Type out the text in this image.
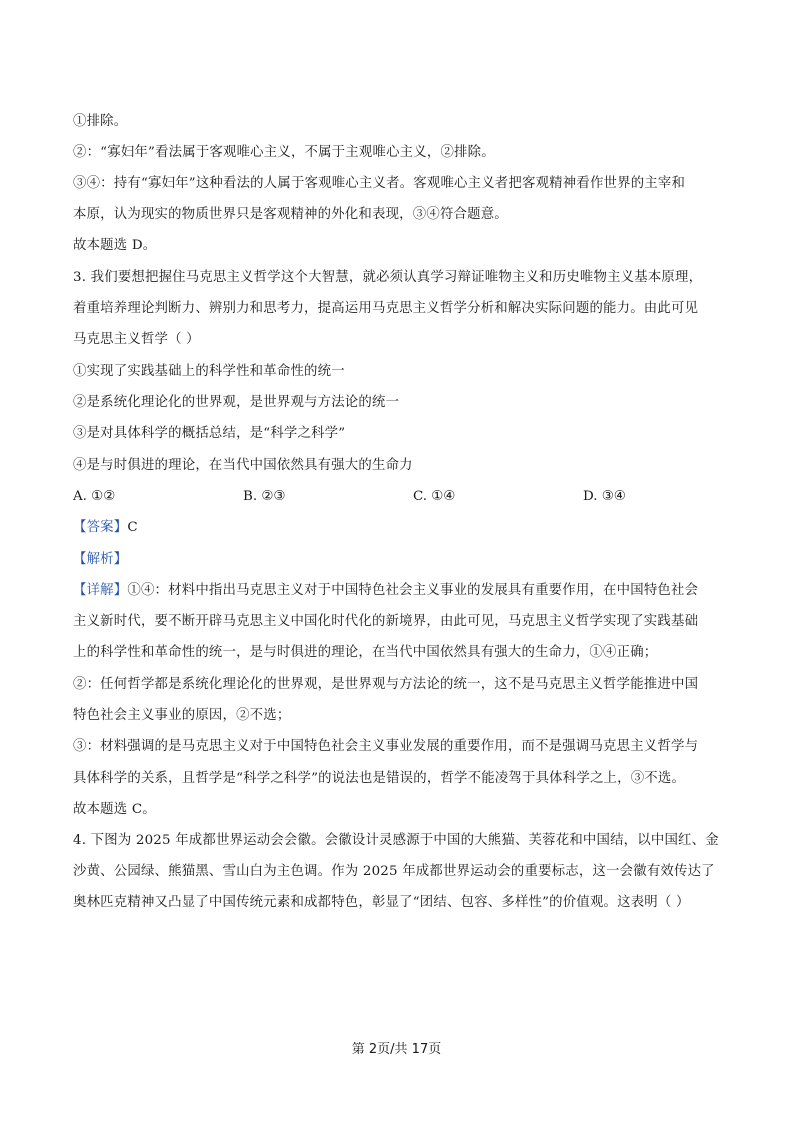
①排除。
②：“寡妇年”看法属于客观唯心主义，不属于主观唯心主义，②排除。
③④：持有“寡妇年”这种看法的人属于客观唯心主义者。客观唯心主义者把客观精神看作世界的主宰和
本原，认为现实的物质世界只是客观精神的外化和表现，③④符合题意。
故本题选 D。
3. 我们要想把握住马克思主义哲学这个大智慧，就必须认真学习辩证唯物主义和历史唯物主义基本原理，
着重培养理论判断力、辨别力和思考力，提高运用马克思主义哲学分析和解决实际问题的能力。由此可见
马克思主义哲学（ ）
①实现了实践基础上的科学性和革命性的统一
②是系统化理论化的世界观，是世界观与方法论的统一
③是对具体科学的概括总结，是“科学之科学”
④是与时俱进的理论，在当代中国依然具有强大的生命力
A. ①②	B. ②③	C. ①④	D. ③④
【答案】C
【解析】
【详解】①④：材料中指出马克思主义对于中国特色社会主义事业的发展具有重要作用，在中国特色社会
主义新时代，要不断开辟马克思主义中国化时代化的新境界，由此可见，马克思主义哲学实现了实践基础
上的科学性和革命性的统一，是与时俱进的理论，在当代中国依然具有强大的生命力，①④正确；
②：任何哲学都是系统化理论化的世界观，是世界观与方法论的统一，这不是马克思主义哲学能推进中国
特色社会主义事业的原因，②不选；
③：材料强调的是马克思主义对于中国特色社会主义事业发展的重要作用，而不是强调马克思主义哲学与
具体科学的关系，且哲学是“科学之科学”的说法也是错误的，哲学不能凌驾于具体科学之上，③不选。
故本题选 C。
4. 下图为 2025 年成都世界运动会会徽。会徽设计灵感源于中国的大熊猫、芙蓉花和中国结，以中国红、金
沙黄、公园绿、熊猫黑、雪山白为主色调。作为 2025 年成都世界运动会的重要标志，这一会徽有效传达了
奥林匹克精神又凸显了中国传统元素和成都特色，彰显了“团结、包容、多样性”的价值观。这表明（ ）
第 2页/共 17页
